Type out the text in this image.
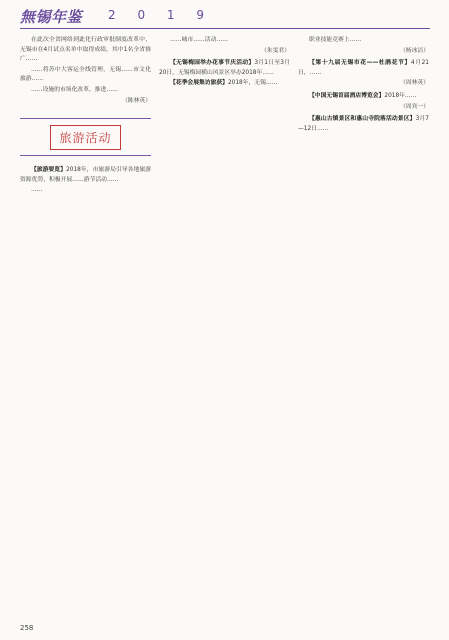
無锡年鉴 2 0 1 9

在此次全省网络到此化行政审批制度改革中，无锡市在4月试点名单中取得成绩，其中1名全省推广……

……将苏中大客运全线管理，无锡……市文化旅游……

……设施的市场化改革，推进……

（陈林英）

旅游活动

【旅游要览】2018年，市旅游局引导各地旅游资源优势，积极开展……游节活动……

……

……城市……活动……

（朱雯君）

【无锡梅园举办花事节庆活动】3月1日至3月20日，无锡梅园横山风景区举办2018年……

【花季会展集访旅获】2018年，无锡……

职业技能竞赛上……

（杨冰洁）

【第十九届无锡市花——杜鹃花节】4月21日，……

（周林英）

【中国无锡首届酒店博览会】2018年……

（周宾一）

【惠山古镇景区和惠山寺院落活动景区】3月7—12日……

258
